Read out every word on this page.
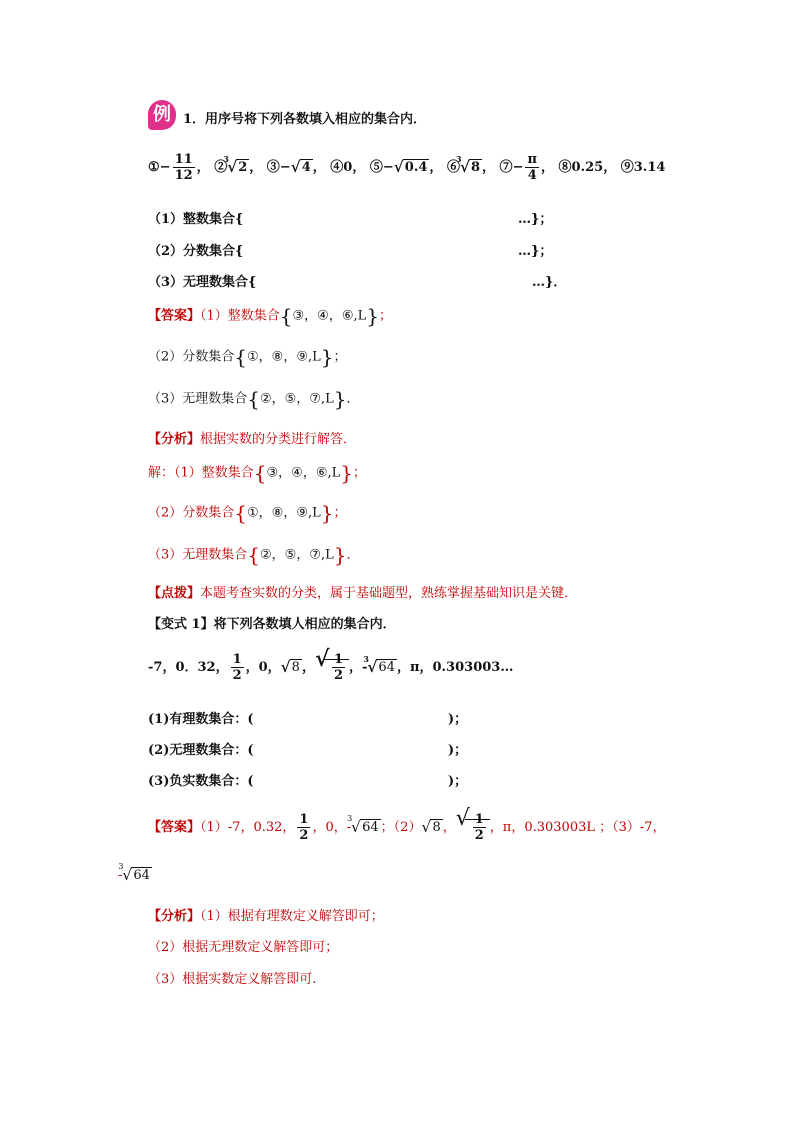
例 1．用序号将下列各数填入相应的集合内．
①− $\frac{11}{12}$ ， ②
3
√ 2 ， ③− √ 4 ， ④0， ⑤− √ 0.4 ， ⑥
3
√ 8 ， ⑦− $\frac{\pi}{4}$ ， ⑧0.25̇， ⑨3.14
（1）整数集合{	…}；
（2）分数集合{	…}；
（3）无理数集合{	…}．
【答案】（1）整数集合{③，④，⑥,L}；
（2）分数集合{①，⑧，⑨,L}；
（3）无理数集合{②，⑤，⑦,L}．
【分析】根据实数的分类进行解答．
解：（1）整数集合{③，④，⑥,L}；
（2）分数集合{①，⑧，⑨,L}；
（3）无理数集合{②，⑤，⑦,L}．
【点拨】本题考查实数的分类，属于基础题型，熟练掌握基础知识是关键．
【变式 1】将下列各数填人相应的集合内．
-7，0．32， $\frac{1}{2}$ ，0， √ 8 ， √ $\frac{1}{2}$ ，-
3
√ 64 ，π，0.303003…
(1)有理数集合：(	)；
(2)无理数集合：(	)；
(3)负实数集合：(	)；
【答案】（1）-7，0.32， $\frac{1}{2}$ ，0，-
3
√ 64 ；（2） √ 8 ， √ $\frac{1}{2}$ ，π，0.303003L ；（3）-7，
-
3
√ 64
【分析】（1）根据有理数定义解答即可；
（2）根据无理数定义解答即可；
（3）根据实数定义解答即可.
